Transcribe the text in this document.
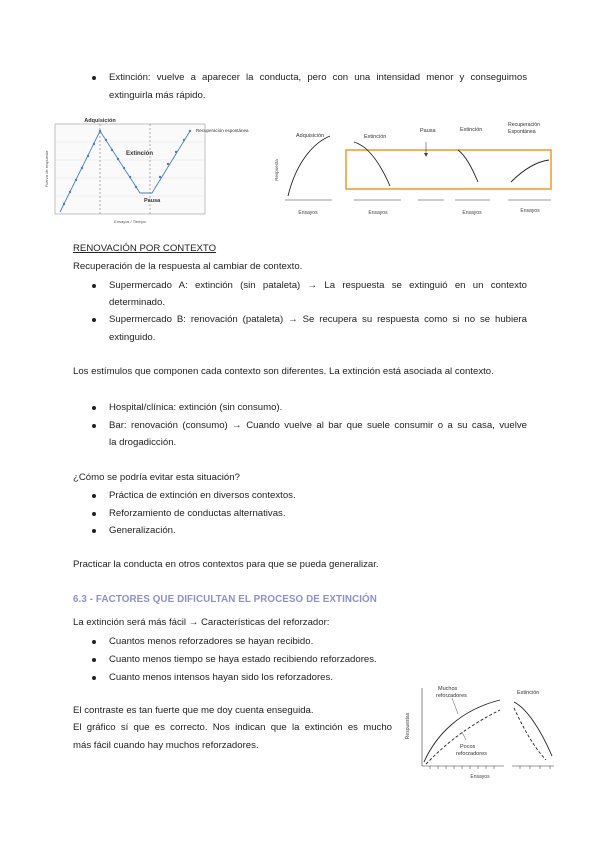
Extinción: vuelve a aparecer la conducta, pero con una intensidad menor y conseguimos
extinguirla más rápido.
Adquisición
Extinción
Pausa
Recuperación espontánea
Fuerza de respuesta
Ensayos / Tiempo
Adquisición	Extinción
Pausa	Extinción
Recuperación
Espontánea
Respuesta
Ensayos	Ensayos	Ensayos	Ensayos
RENOVACIÓN POR CONTEXTO
Recuperación de la respuesta al cambiar de contexto.
Supermercado A: extinción (sin pataleta) → La respuesta se extinguió en un contexto
determinado.
Supermercado B: renovación (pataleta) → Se recupera su respuesta como si no se hubiera
extinguido.
Los estímulos que componen cada contexto son diferentes. La extinción está asociada al contexto.
Hospital/clínica: extinción (sin consumo).
Bar: renovación (consumo) → Cuando vuelve al bar que suele consumir o a su casa, vuelve
la drogadicción.
¿Cómo se podría evitar esta situación?
Práctica de extinción en diversos contextos.
Reforzamiento de conductas alternativas.
Generalización.
Practicar la conducta en otros contextos para que se pueda generalizar.
6.3 - FACTORES QUE DIFICULTAN EL PROCESO DE EXTINCIÓN
La extinción será más fácil → Características del reforzador:
Cuantos menos reforzadores se hayan recibido.
Cuanto menos tiempo se haya estado recibiendo reforzadores.
Cuanto menos intensos hayan sido los reforzadores.
El contraste es tan fuerte que me doy cuenta enseguida.
El gráfico sí que es correcto. Nos indican que la extinción es mucho
más fácil cuando hay muchos reforzadores.
Muchos
reforzadores
Pocos
reforzadores
Extinción
Respuestas
Ensayos
